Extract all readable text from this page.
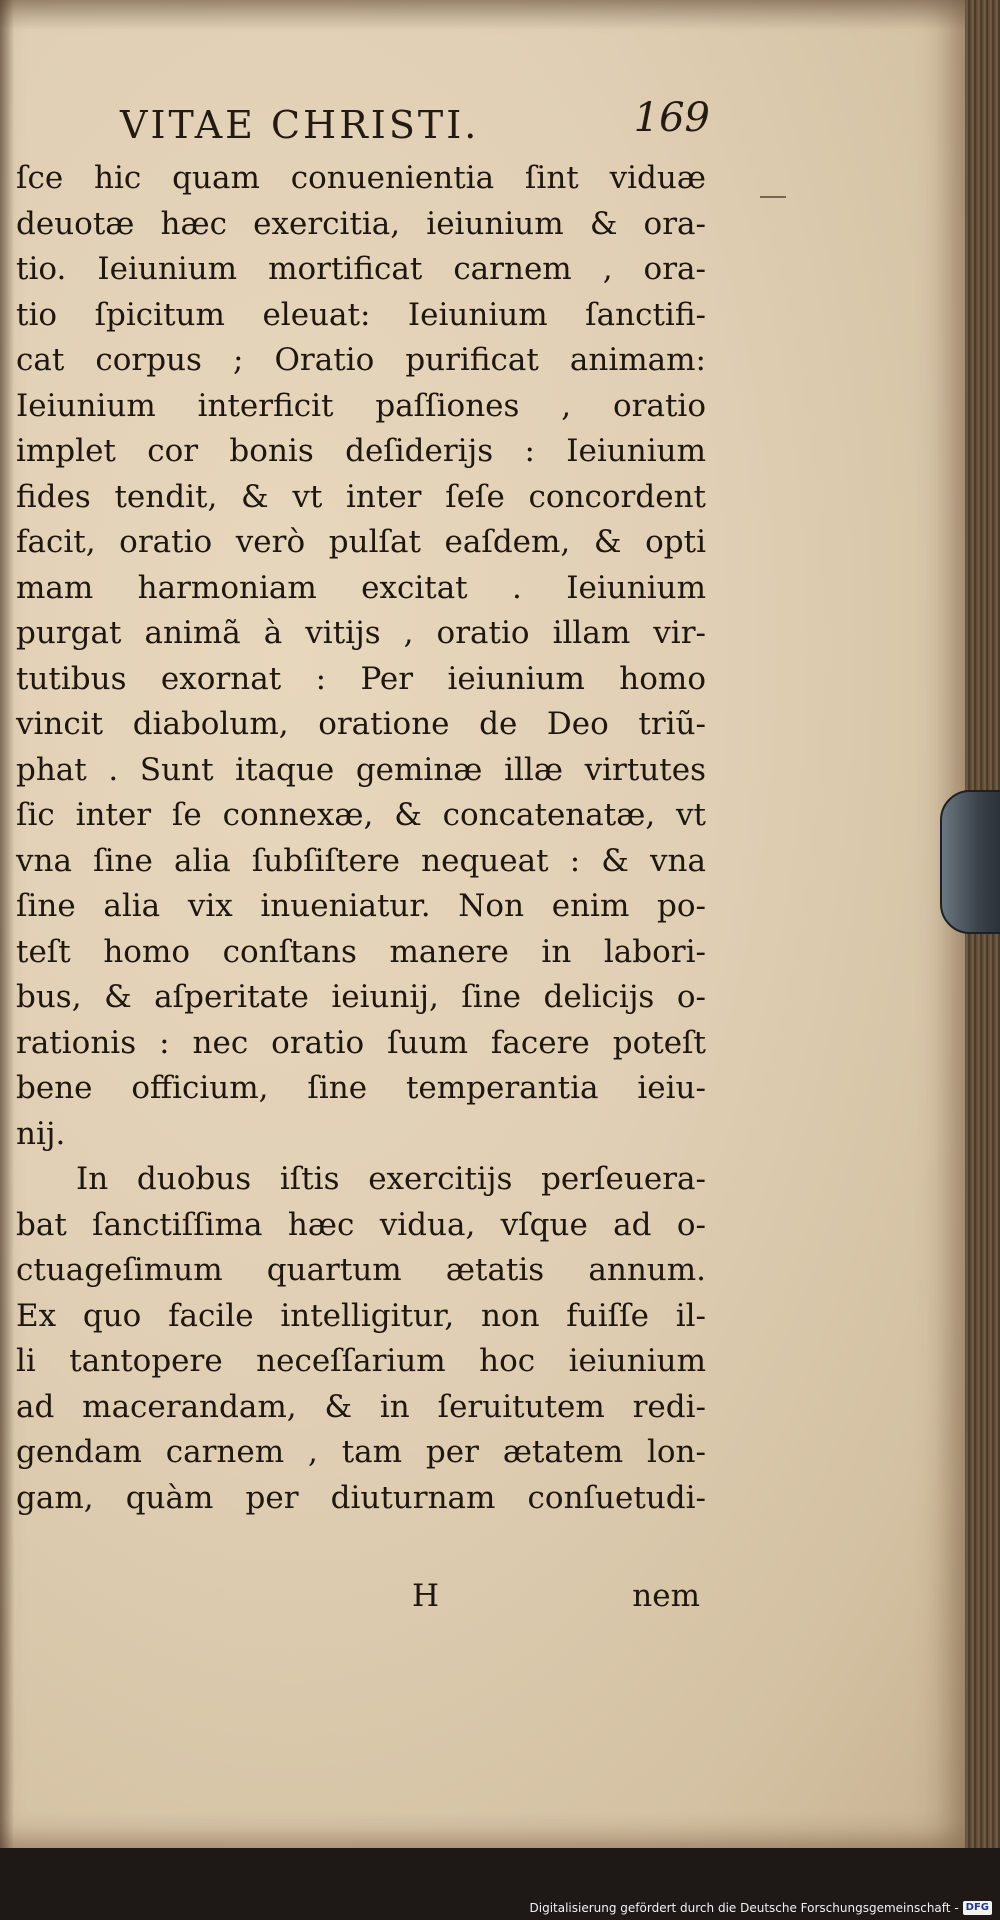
VITAE CHRISTI.	169
ſce hic quam conuenientia ſint viduæ
deuotæ hæc exercitia, ieiunium & ora-
tio. Ieiunium mortificat carnem , ora-
tio ſpicitum eleuat: Ieiunium ſanctifi-
cat corpus ; Oratio purificat animam:
Ieiunium interficit paſſiones , oratio
implet cor bonis deſiderijs : Ieiunium
fides tendit, & vt inter ſeſe concordent
facit, oratio verò pulſat eaſdem, & opti
mam harmoniam excitat . Ieiunium
purgat animã à vitijs , oratio illam vir-
tutibus exornat : Per ieiunium homo
vincit diabolum, oratione de Deo triũ-
phat . Sunt itaque geminæ illæ virtutes
ſic inter ſe connexæ, & concatenatæ, vt
vna ſine alia ſubſiſtere nequeat : & vna
ſine alia vix inueniatur. Non enim po-
teſt homo conſtans manere in labori-
bus, & aſperitate ieiunij, ſine delicijs o-
rationis : nec oratio ſuum facere poteſt
bene officium, ſine temperantia ieiu-
nij.
In duobus iſtis exercitijs perſeuera-
bat ſanctiſſima hæc vidua, vſque ad o-
ctuageſimum quartum ætatis annum.
Ex quo facile intelligitur, non fuiſſe il-
li tantopere neceſſarium hoc ieiunium
ad macerandam, & in ſeruitutem redi-
gendam carnem , tam per ætatem lon-
gam, quàm per diuturnam conſuetudi-
H	nem
Digitalisierung gefördert durch die Deutsche Forschungsgemeinschaft - DFG
